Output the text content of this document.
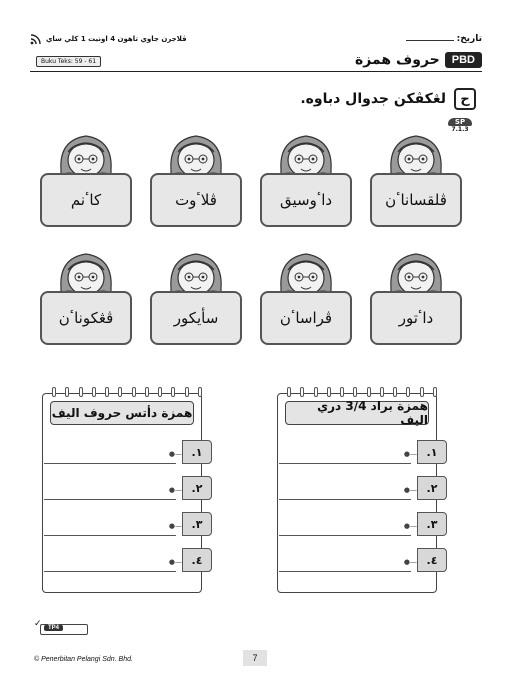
ڤلاجرن جاوي تاهون 4 اونيت 1 كلي ساي	تاريخ:
Buku Teks: 59 - 61	PBD
حروف همزة
ح
لڠكڤكن جدوال دباوه.
SP
7.1.3
ڤلقساناٴن
داٴوسيق
ڤلاٴوت
كاٴنم
داٴتور
ڤراساٴن
سأيكور
ڤڠكوناٴن
همزة دأتس حروف اليف
●— ١.
●— ٢.
●— ٣.
●— ٤.
همزة براد 3/4 دري اليف
●— ١.
●— ٢.
●— ٣.
●— ٤.
✓	TP4
© Penerbitan Pelangi Sdn. Bhd.	7
